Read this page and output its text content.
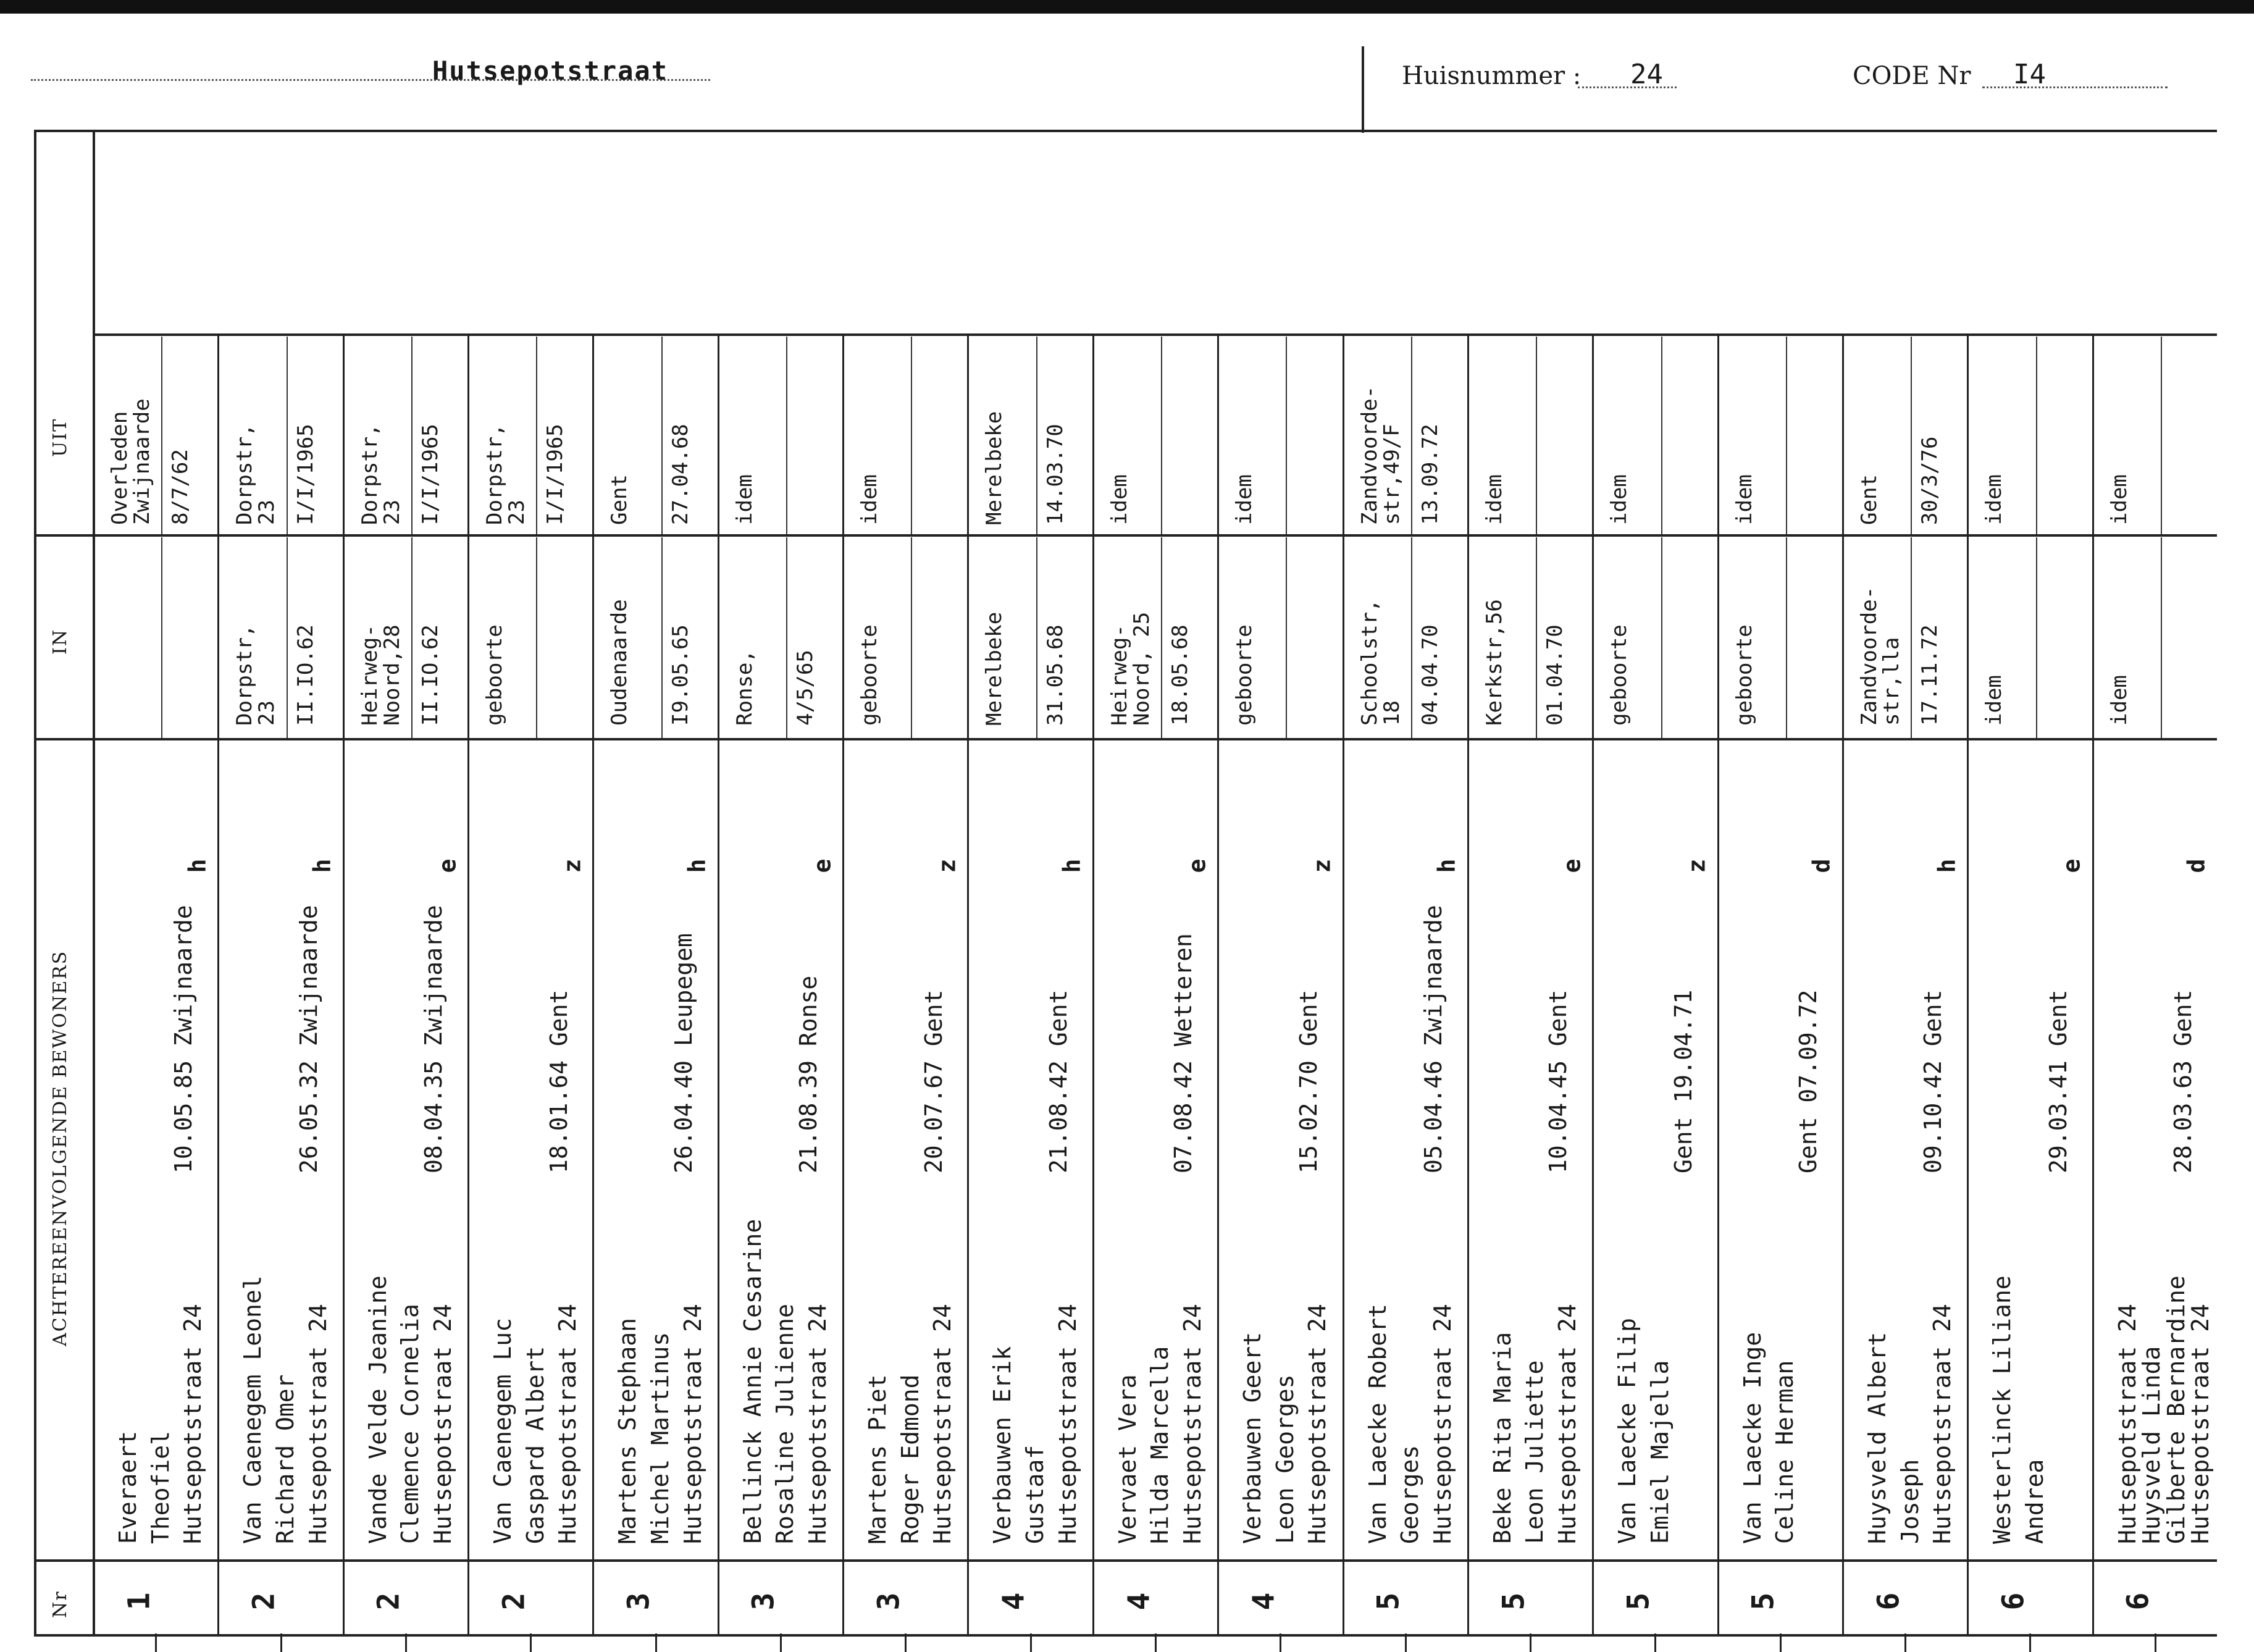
Hutsepotstraat	Huisnummer : 24	CODE Nr I4
Nr
ACHTEREENVOLGENDE BEWONERS
IN
UIT
1
Everaert Theofiel Hutsepotstraat 24
10.05.85 Zwijnaarde
h
Overleden
Zwijnaarde 8/7/62
2
Van Caenegem Leonel Richard Omer Hutsepotstraat 24
26.05.32 Zwijnaarde
h
Dorpstr,
23 II.IO.62
Dorpstr,
23 I/I/1965
2
Vande Velde Jeanine Clemence Cornelia Hutsepotstraat 24
08.04.35 Zwijnaarde
e
Heirweg-
Noord,28 II.IO.62
Dorpstr,
23 I/I/1965
2
Van Caenegem Luc Gaspard Albert Hutsepotstraat 24
18.01.64 Gent
z
geboorte
Dorpstr,
23 I/I/1965
3
Martens Stephaan Michel Martinus Hutsepotstraat 24
26.04.40 Leupegem
h
Oudenaarde I9.05.65
Gent 27.04.68
3
Bellinck Annie Cesarine Rosaline Julienne Hutsepotstraat 24
21.08.39 Ronse
e
Ronse, 4/5/65
idem
3
Martens Piet Roger Edmond Hutsepotstraat 24
20.07.67 Gent
z
geboorte
idem
4
Verbauwen Erik Gustaaf Hutsepotstraat 24
21.08.42 Gent
h
Merelbeke 31.05.68
Merelbeke 14.03.70
4
Vervaet Vera Hilda Marcella Hutsepotstraat 24
07.08.42 Wetteren
e
Heirweg-
Noord, 25 18.05.68
idem
4
Verbauwen Geert Leon Georges Hutsepotstraat 24
15.02.70 Gent
z
geboorte
idem
5
Van Laecke Robert Georges Hutsepotstraat 24
05.04.46 Zwijnaarde
h
Schoolstr,
18 04.04.70
Zandvoorde-
str,49/F 13.09.72
5
Beke Rita Maria Leon Juliette Hutsepotstraat 24
10.04.45 Gent
e
Kerkstr,56 01.04.70
idem
5
Van Laecke Filip Emiel Majella
Gent 19.04.71
z
geboorte
idem
5
Van Laecke Inge Celine Herman
Gent 07.09.72
d
geboorte
idem
6
Huysveld Albert Joseph Hutsepotstraat 24
09.10.42 Gent
h
Zandvoorde-
str,lla 17.11.72
Gent 30/3/76
6
Westerlinck Liliane Andrea
29.03.41 Gent
e
idem
idem
6
Hutsepotstraat 24
Huysveld Linda
Gilberte Bernardine
Hutsepotstraat 24
28.03.63 Gent
d
idem
idem
